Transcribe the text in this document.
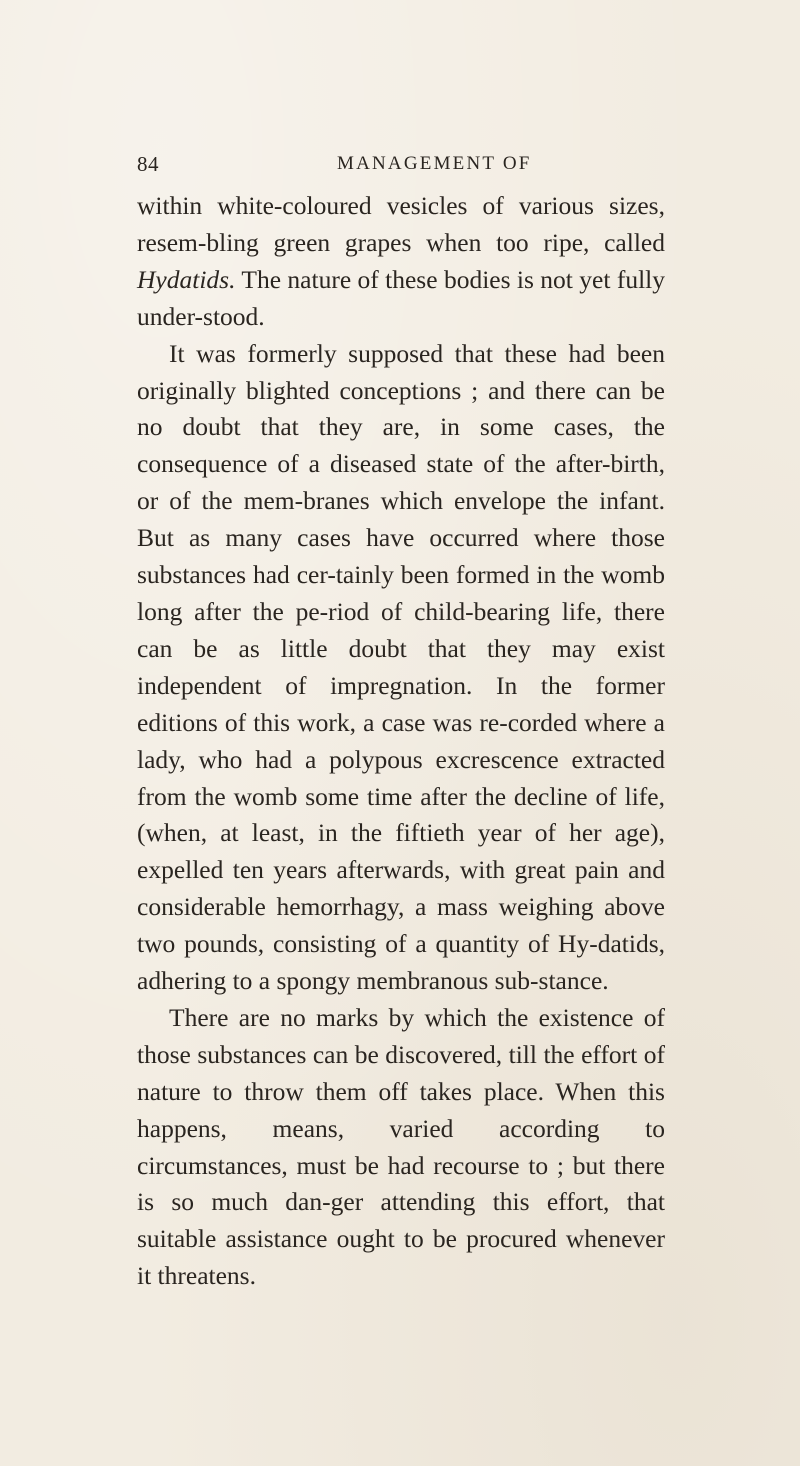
84	MANAGEMENT OF

within white-coloured vesicles of various sizes, resem-bling green grapes when too ripe, called Hydatids. The nature of these bodies is not yet fully under-stood.

It was formerly supposed that these had been originally blighted conceptions ; and there can be no doubt that they are, in some cases, the consequence of a diseased state of the after-birth, or of the mem-branes which envelope the infant. But as many cases have occurred where those substances had cer-tainly been formed in the womb long after the pe-riod of child-bearing life, there can be as little doubt that they may exist independent of impregnation. In the former editions of this work, a case was re-corded where a lady, who had a polypous excrescence extracted from the womb some time after the decline of life, (when, at least, in the fiftieth year of her age), expelled ten years afterwards, with great pain and considerable hemorrhagy, a mass weighing above two pounds, consisting of a quantity of Hy-datids, adhering to a spongy membranous sub-stance.

There are no marks by which the existence of those substances can be discovered, till the effort of nature to throw them off takes place. When this happens, means, varied according to circumstances, must be had recourse to ; but there is so much dan-ger attending this effort, that suitable assistance ought to be procured whenever it threatens.
